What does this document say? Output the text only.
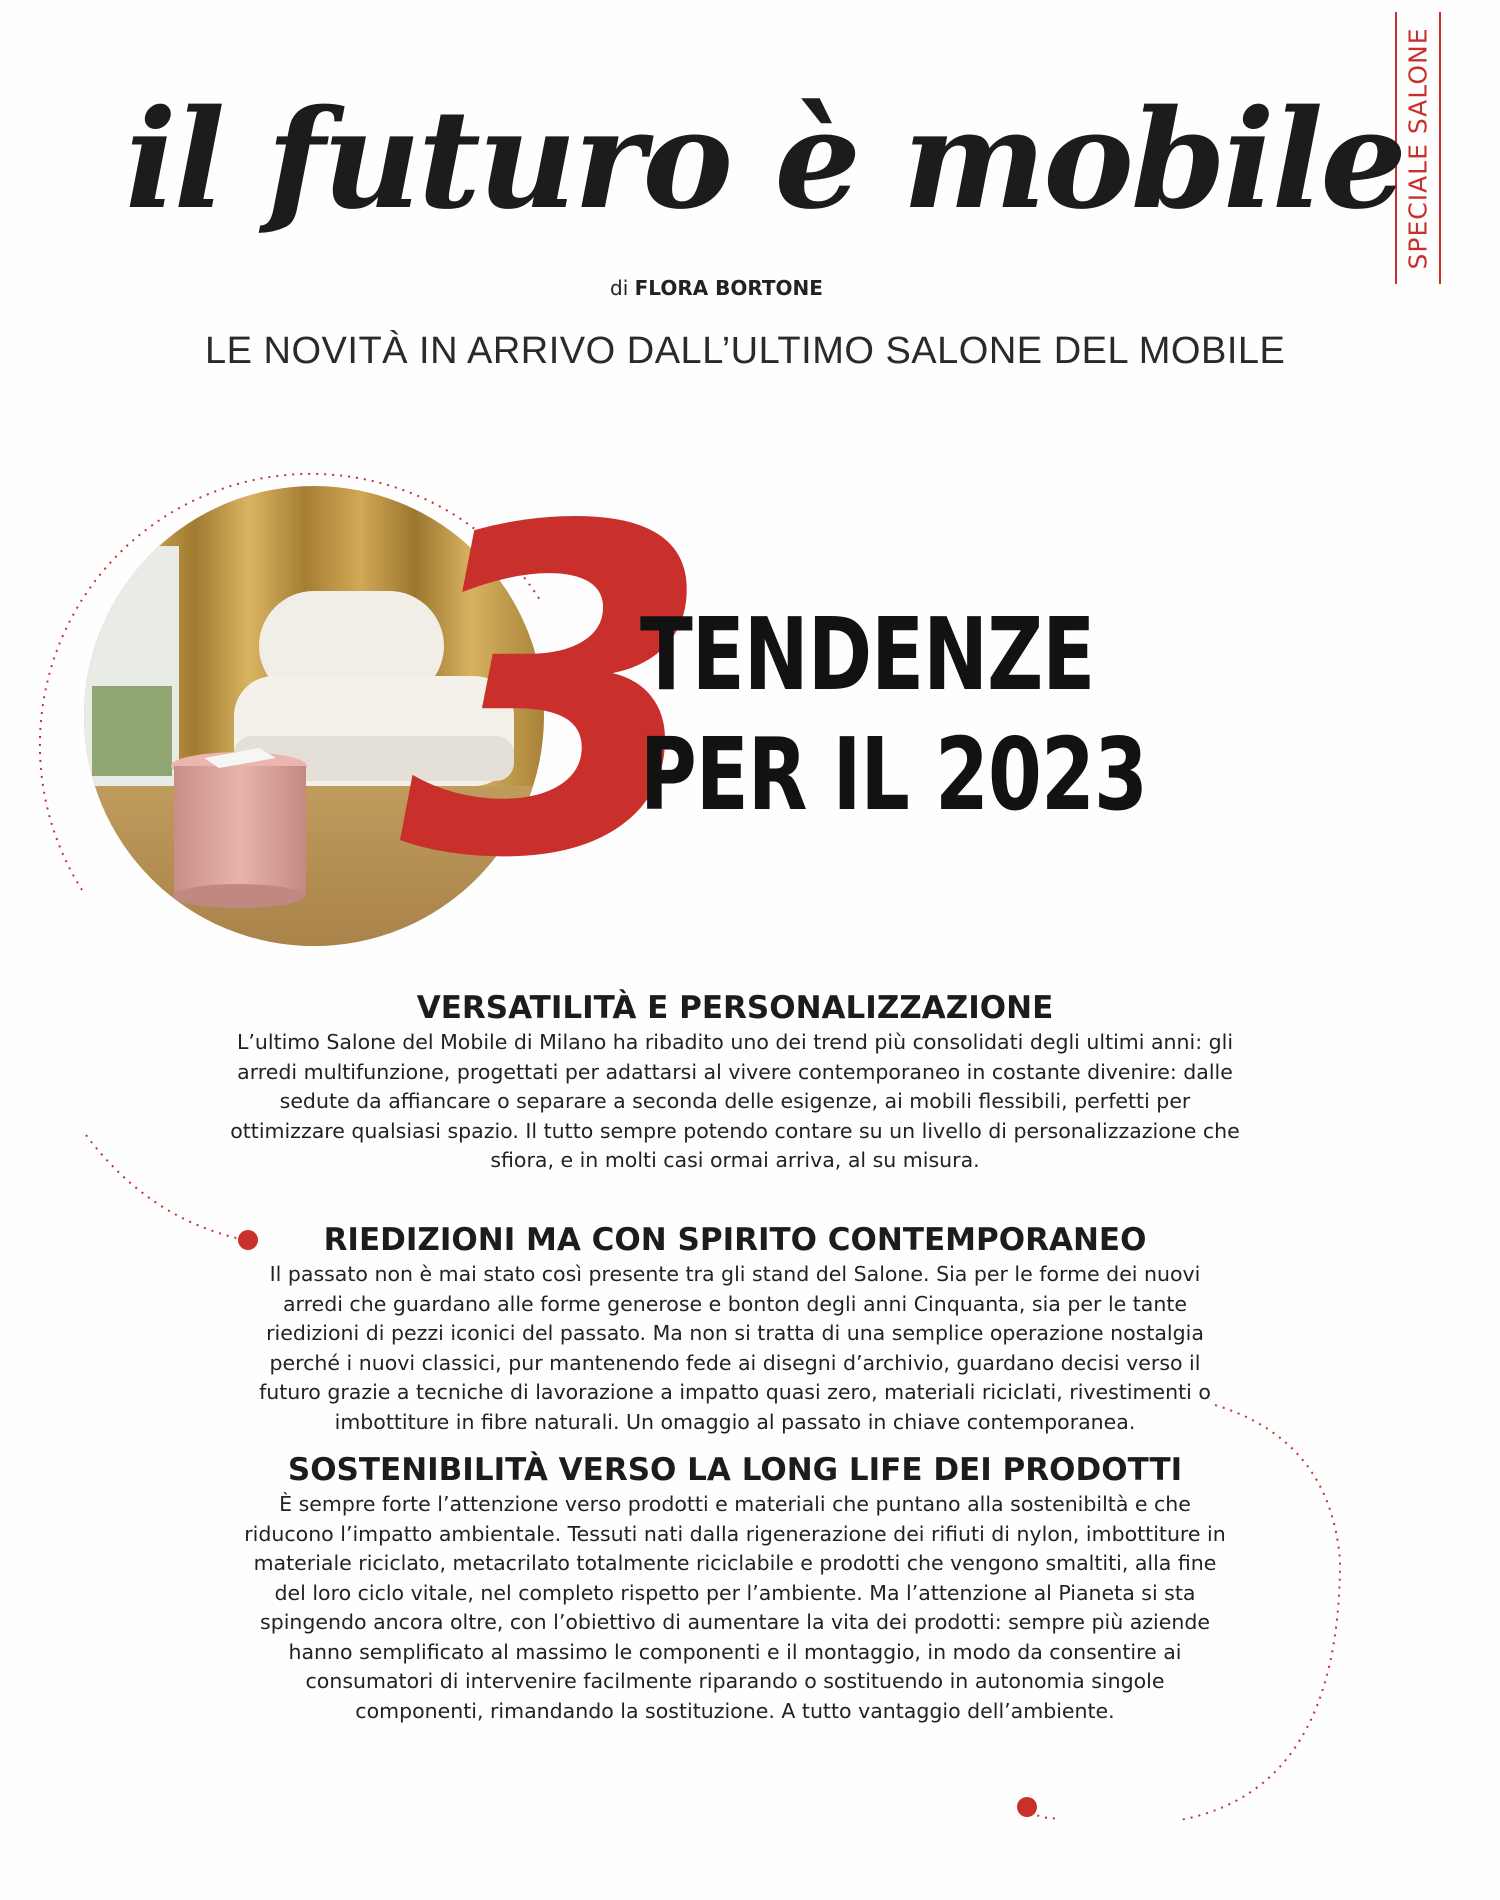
SPECIALE SALONE
il futuro è mobile
di FLORA BORTONE
LE NOVITÀ IN ARRIVO DALL’ULTIMO SALONE DEL MOBILE
3
TENDENZE
PER IL 2023
VERSATILITÀ E PERSONALIZZAZIONE

L’ultimo Salone del Mobile di Milano ha ribadito uno dei trend più consolidati degli ultimi anni: gli arredi multifunzione, progettati per adattarsi al vivere contemporaneo in costante divenire: dalle sedute da affiancare o separare a seconda delle esigenze, ai mobili flessibili, perfetti per ottimizzare qualsiasi spazio. Il tutto sempre potendo contare su un livello di personalizzazione che sfiora, e in molti casi ormai arriva, al su misura.

RIEDIZIONI MA CON SPIRITO CONTEMPORANEO

Il passato non è mai stato così presente tra gli stand del Salone. Sia per le forme dei nuovi arredi che guardano alle forme generose e bonton degli anni Cinquanta, sia per le tante riedizioni di pezzi iconici del passato. Ma non si tratta di una semplice operazione nostalgia perché i nuovi classici, pur mantenendo fede ai disegni d’archivio, guardano decisi verso il futuro grazie a tecniche di lavorazione a impatto quasi zero, materiali riciclati, rivestimenti o imbottiture in fibre naturali. Un omaggio al passato in chiave contemporanea.

SOSTENIBILITÀ VERSO LA LONG LIFE DEI PRODOTTI

È sempre forte l’attenzione verso prodotti e materiali che puntano alla sostenibiltà e che riducono l’impatto ambientale. Tessuti nati dalla rigenerazione dei rifiuti di nylon, imbottiture in materiale riciclato, metacrilato totalmente riciclabile e prodotti che vengono smaltiti, alla fine del loro ciclo vitale, nel completo rispetto per l’ambiente. Ma l’attenzione al Pianeta si sta spingendo ancora oltre, con l’obiettivo di aumentare la vita dei prodotti: sempre più aziende hanno semplificato al massimo le componenti e il montaggio, in modo da consentire ai consumatori di intervenire facilmente riparando o sostituendo in autonomia singole componenti, rimandando la sostituzione. A tutto vantaggio dell’ambiente.
